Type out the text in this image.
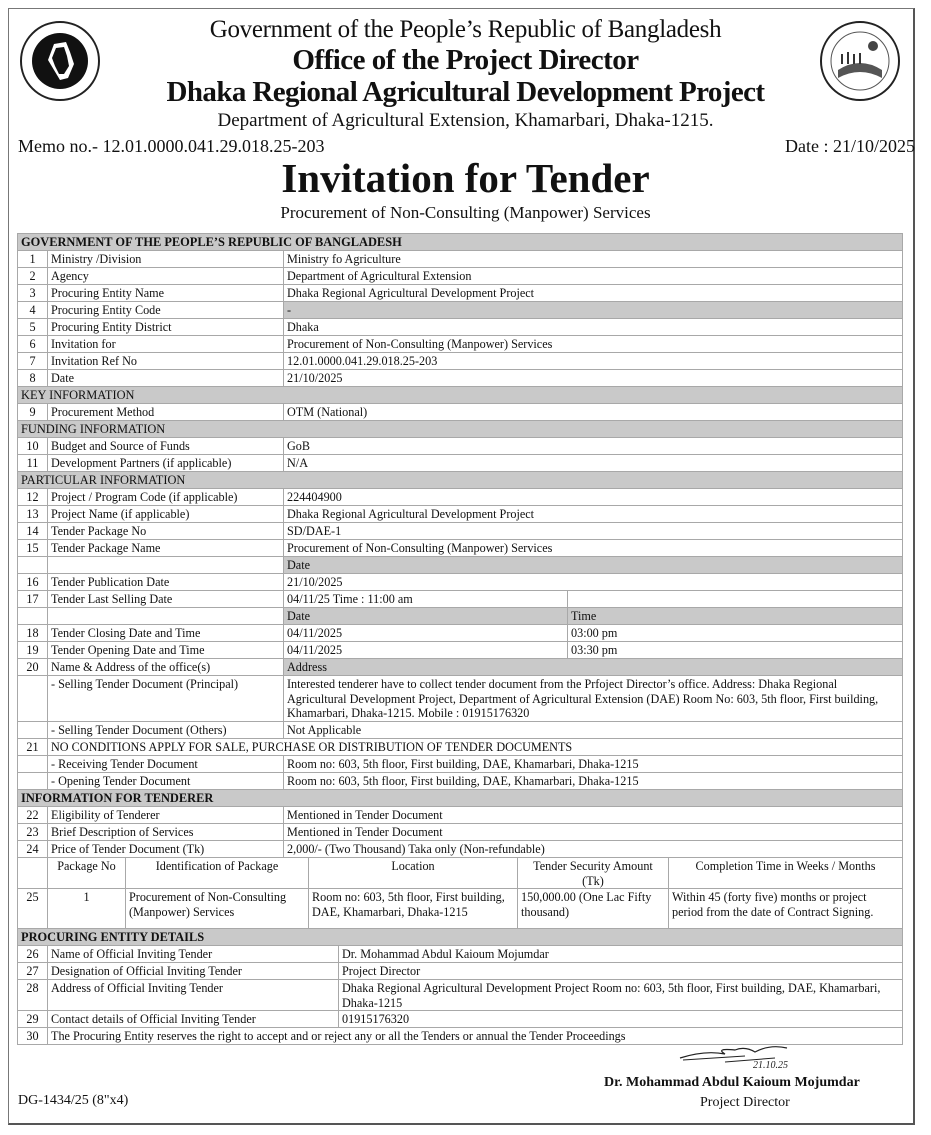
Government of the People’s Republic of Bangladesh
Office of the Project Director
Dhaka Regional Agricultural Development Project
Department of Agricultural Extension, Khamarbari, Dhaka-1215.
Memo no.- 12.01.0000.041.29.018.25-203	Date : 21/10/2025
Invitation for Tender
Procurement of Non-Consulting (Manpower) Services
GOVERNMENT OF THE PEOPLE’S REPUBLIC OF BANGLADESH			
1	Ministry /Division	Ministry fo Agriculture	
2	Agency	Department of Agricultural Extension	
3	Procuring Entity Name	Dhaka Regional Agricultural Development Project	
4	Procuring Entity Code	-	
5	Procuring Entity District	Dhaka	
6	Invitation for	Procurement of Non-Consulting (Manpower) Services	
7	Invitation Ref No	12.01.0000.041.29.018.25-203	
8	Date	21/10/2025	
KEY INFORMATION			
9	Procurement Method	OTM (National)	
FUNDING INFORMATION			
10	Budget and Source of Funds	GoB	
11	Development Partners (if applicable)	N/A	
PARTICULAR INFORMATION			
12	Project / Program Code (if applicable)	224404900	
13	Project Name (if applicable)	Dhaka Regional Agricultural Development Project	
14	Tender Package No	SD/DAE-1	
15	Tender Package Name	Procurement of Non-Consulting (Manpower) Services	
		Date	
16	Tender Publication Date	21/10/2025	
17	Tender Last Selling Date	04/11/25 Time : 11:00 am	
		Date	Time
18	Tender Closing Date and Time	04/11/2025	03:00 pm
19	Tender Opening Date and Time	04/11/2025	03:30 pm
20	Name & Address of the office(s)	Address	
	- Selling Tender Document (Principal)	Interested tenderer have to collect tender document from the Prfoject Director’s office. Address: Dhaka Regional Agricultural Development Project, Department of Agricultural Extension (DAE) Room No: 603, 5th floor, First building, Khamarbari, Dhaka-1215. Mobile : 01915176320	
	- Selling Tender Document (Others)	Not Applicable	
21	NO CONDITIONS APPLY FOR SALE, PURCHASE OR DISTRIBUTION OF TENDER DOCUMENTS		
	- Receiving Tender Document	Room no: 603, 5th floor, First building, DAE, Khamarbari, Dhaka-1215	
	- Opening Tender Document	Room no: 603, 5th floor, First building, DAE, Khamarbari, Dhaka-1215	
INFORMATION FOR TENDERER			
22	Eligibility of Tenderer	Mentioned in Tender Document	
23	Brief Description of Services	Mentioned in Tender Document	
24	Price of Tender Document (Tk)	2,000/- (Two Thousand) Taka only (Non-refundable)	
	Package No	Identification of Package	Location	Tender Security Amount (Tk)	Completion Time in Weeks / Months
25	1	Procurement of Non-Consulting (Manpower) Services	Room no: 603, 5th floor, First building, DAE, Khamarbari, Dhaka-1215	150,000.00 (One Lac Fifty thousand)	Within 45 (forty five) months or project period from the date of Contract Signing.
PROCURING ENTITY DETAILS		
26	Name of Official Inviting Tender	Dr. Mohammad Abdul Kaioum Mojumdar
27	Designation of Official Inviting Tender	Project Director
28	Address of Official Inviting Tender	Dhaka Regional Agricultural Development Project Room no: 603, 5th floor, First building, DAE, Khamarbari, Dhaka-1215
29	Contact details of Official Inviting Tender	01915176320
30	The Procuring Entity reserves the right to accept and or reject any or all the Tenders or annual the Tender Proceedings	
21.10.25
Dr. Mohammad Abdul Kaioum Mojumdar
Project Director
DG-1434/25 (8"x4)
